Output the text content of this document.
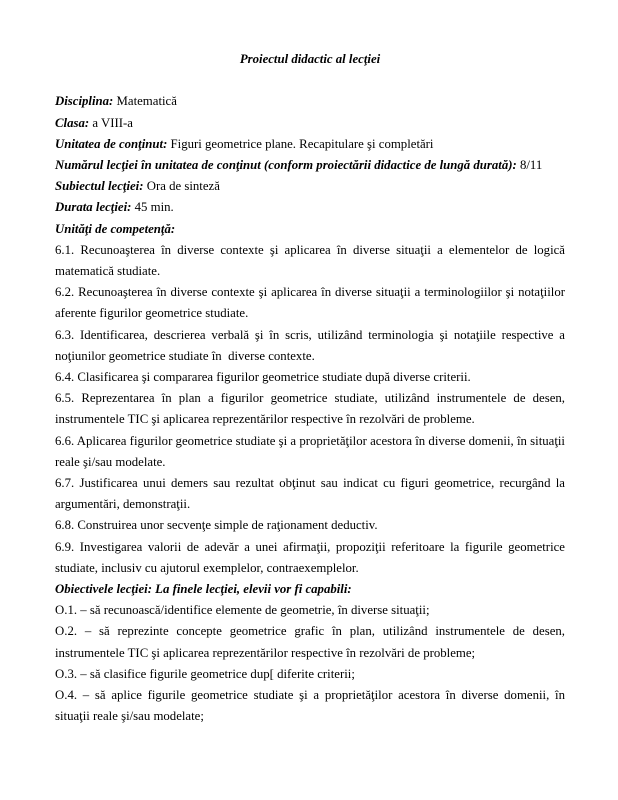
Proiectul didactic al lecţiei

Disciplina: Matematică

Clasa: a VIII-a

Unitatea de conţinut: Figuri geometrice plane. Recapitulare şi completări

Numărul lecţiei în unitatea de conţinut (conform proiectării didactice de lungă durată): 8/11

Subiectul lecţiei: Ora de sinteză

Durata lecţiei: 45 min.

Unităţi de competenţă:

6.1. Recunoaşterea în diverse contexte şi aplicarea în diverse situaţii a elementelor de logică matematică studiate.

6.2. Recunoaşterea în diverse contexte şi aplicarea în diverse situaţii a terminologiilor şi notaţiilor aferente figurilor geometrice studiate.

6.3. Identificarea, descrierea verbală şi în scris, utilizând terminologia şi notaţiile respective a noţiunilor geometrice studiate în  diverse contexte.

6.4. Clasificarea şi compararea figurilor geometrice studiate după diverse criterii.

6.5. Reprezentarea în plan a figurilor geometrice studiate, utilizând instrumentele de desen, instrumentele TIC şi aplicarea reprezentărilor respective în rezolvări de probleme.

6.6. Aplicarea figurilor geometrice studiate şi a proprietăţilor acestora în diverse domenii, în situaţii reale şi/sau modelate.

6.7. Justificarea unui demers sau rezultat obţinut sau indicat cu figuri geometrice, recurgând la argumentări, demonstraţii.

6.8. Construirea unor secvenţe simple de raţionament deductiv.

6.9. Investigarea valorii de adevăr a unei afirmaţii, propoziţii referitoare la figurile geometrice studiate, inclusiv cu ajutorul exemplelor, contraexemplelor.

Obiectivele lecţiei: La finele lecţiei, elevii vor fi capabili:

O.1. – să recunoască/identifice elemente de geometrie, în diverse situaţii;

O.2. – să reprezinte concepte geometrice grafic în plan, utilizând instrumentele de desen, instrumentele TIC şi aplicarea reprezentărilor respective în rezolvări de probleme;

O.3. – să clasifice figurile geometrice dup[ diferite criterii;

O.4. – să aplice figurile geometrice studiate şi a proprietăţilor acestora în diverse domenii, în situaţii reale şi/sau modelate;
